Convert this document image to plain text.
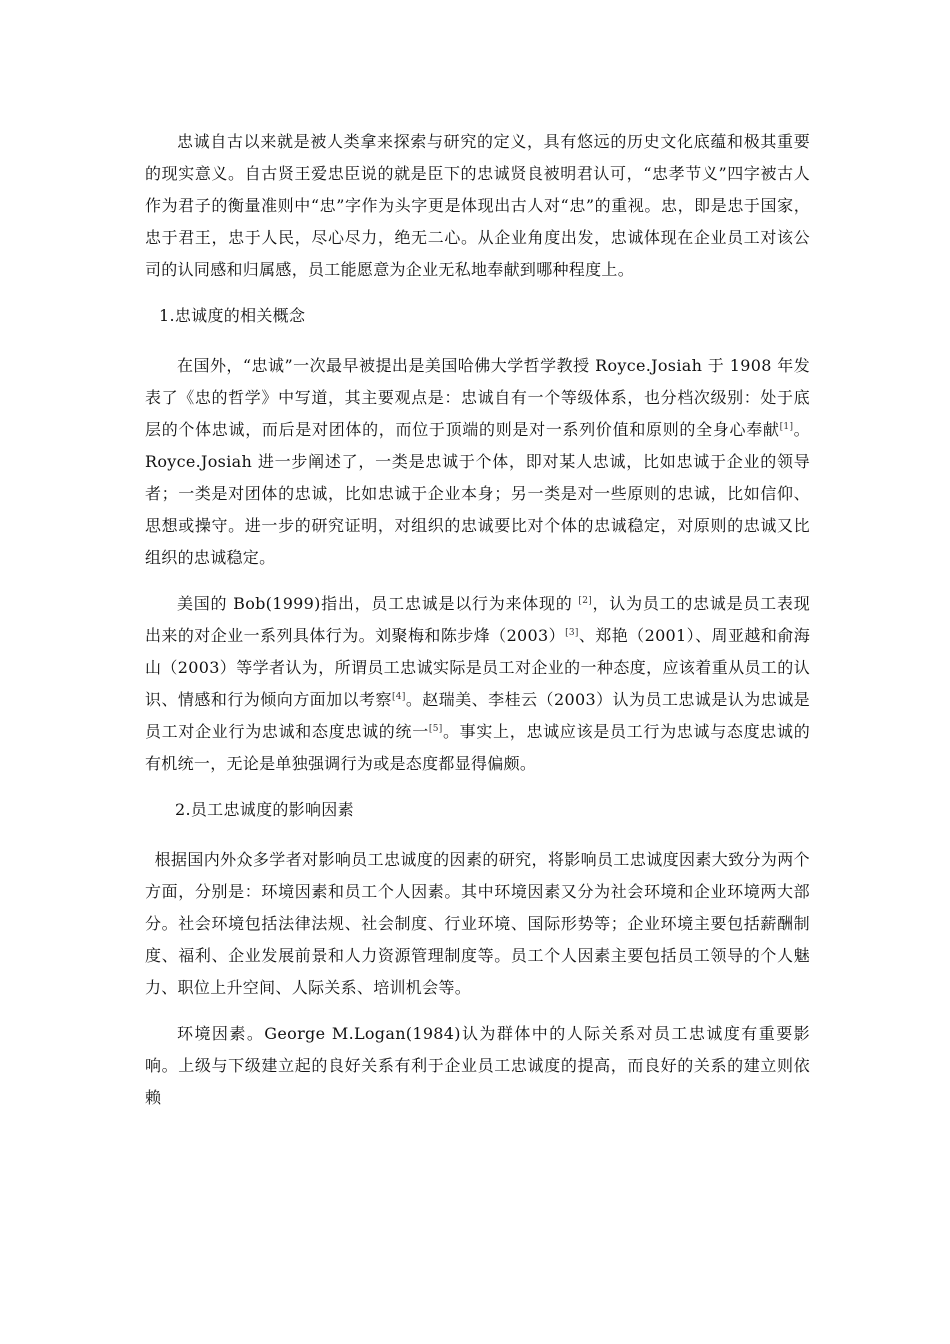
忠诚自古以来就是被人类拿来探索与研究的定义，具有悠远的历史文化底蕴和极其重要的现实意义。自古贤王爱忠臣说的就是臣下的忠诚贤良被明君认可，“忠孝节义”四字被古人作为君子的衡量准则中“忠”字作为头字更是体现出古人对“忠”的重视。忠，即是忠于国家，忠于君王，忠于人民，尽心尽力，绝无二心。从企业角度出发，忠诚体现在企业员工对该公司的认同感和归属感，员工能愿意为企业无私地奉献到哪种程度上。

1.忠诚度的相关概念

在国外，“忠诚”一次最早被提出是美国哈佛大学哲学教授 Royce.Josiah 于 1908 年发表了《忠的哲学》中写道，其主要观点是：忠诚自有一个等级体系，也分档次级别：处于底层的个体忠诚，而后是对团体的，而位于顶端的则是对一系列价值和原则的全身心奉献[1]。Royce.Josiah 进一步阐述了，一类是忠诚于个体，即对某人忠诚，比如忠诚于企业的领导者；一类是对团体的忠诚，比如忠诚于企业本身；另一类是对一些原则的忠诚，比如信仰、思想或操守。进一步的研究证明，对组织的忠诚要比对个体的忠诚稳定，对原则的忠诚又比组织的忠诚稳定。

美国的 Bob(1999)指出，员工忠诚是以行为来体现的 [2]，认为员工的忠诚是员工表现出来的对企业一系列具体行为。刘聚梅和陈步烽（2003）[3]、郑艳（2001）、周亚越和俞海山（2003）等学者认为，所谓员工忠诚实际是员工对企业的一种态度，应该着重从员工的认识、情感和行为倾向方面加以考察[4]。赵瑞美、李桂云（2003）认为员工忠诚是认为忠诚是员工对企业行为忠诚和态度忠诚的统一[5]。事实上，忠诚应该是员工行为忠诚与态度忠诚的有机统一，无论是单独强调行为或是态度都显得偏颇。

2.员工忠诚度的影响因素

根据国内外众多学者对影响员工忠诚度的因素的研究，将影响员工忠诚度因素大致分为两个方面，分别是：环境因素和员工个人因素。其中环境因素又分为社会环境和企业环境两大部分。社会环境包括法律法规、社会制度、行业环境、国际形势等；企业环境主要包括薪酬制度、福利、企业发展前景和人力资源管理制度等。员工个人因素主要包括员工领导的个人魅力、职位上升空间、人际关系、培训机会等。

环境因素。George M.Logan(1984)认为群体中的人际关系对员工忠诚度有重要影响。上级与下级建立起的良好关系有利于企业员工忠诚度的提高，而良好的关系的建立则依赖
